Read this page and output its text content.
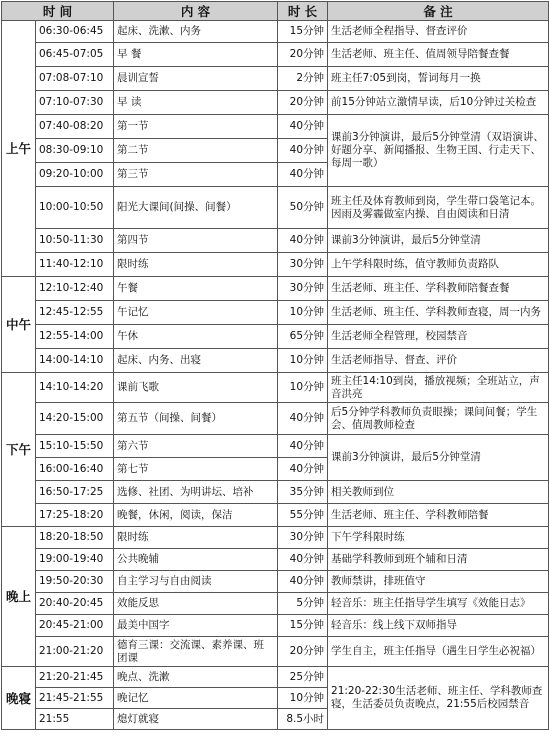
时 间		内 容	时 长	备 注
上午	06:30-06:45	起床、洗漱、内务	15分钟	生活老师全程指导、督查评价
	06:45-07:05	早 餐	20分钟	生活老师、班主任、值周领导陪餐查餐
	07:08-07:10	晨训宣誓	2分钟	班主任7:05到岗，誓词每月一换
	07:10-07:30	早 读	20分钟	前15分钟站立激情早读，后10分钟过关检查
	07:40-08:20	第一节	40分钟	课前3分钟演讲，最后5分钟堂清（双语演讲、好题分享、新闻播报、生物王国、行走天下、每周一歌）
	08:30-09:10	第二节	40分钟	
	09:20-10:00	第三节	40分钟	
	10:00-10:50	阳光大课间(间操、间餐）	50分钟	班主任及体育教师到岗，学生带口袋笔记本。因雨及雾霾做室内操、自由阅读和日清
	10:50-11:30	第四节	40分钟	课前3分钟演讲，最后5分钟堂清
	11:40-12:10	限时练	30分钟	上午学科限时练，值守教师负责路队
中午	12:10-12:40	午餐	30分钟	生活老师、班主任、学科教师陪餐查餐
	12:45-12:55	午记忆	10分钟	生活老师、班主任、学科教师查寝，周一内务
	12:55-14:00	午休	65分钟	生活老师全程管理，校园禁音
	14:00-14:10	起床、内务、出寝	10分钟	生活老师指导、督查、评价
下午	14:10-14:20	课前飞歌	10分钟	班主任14:10到岗，播放视频；全班站立，声音洪亮
	14:20-15:00	第五节（间操、间餐）	40分钟	后5分钟学科教师负责眼操；课间间餐；学生会、值周教师检查
	15:10-15:50	第六节	40分钟	课前3分钟演讲，最后5分钟堂清
	16:00-16:40	第七节	40分钟	
	16:50-17:25	选修、社团、为明讲坛、培补	35分钟	相关教师到位
	17:25-18:20	晚餐，休闲，阅读，保洁	55分钟	生活老师、班主任、学科教师陪餐
晚上	18:20-18:50	限时练	30分钟	下午学科限时练
	19:00-19:40	公共晚辅	40分钟	基础学科教师到班个辅和日清
	19:50-20:30	自主学习与自由阅读	40分钟	教师禁讲，排班值守
	20:40-20:45	效能反思	5分钟	轻音乐：班主任指导学生填写《效能日志》
	20:45-21:00	最美中国字	15分钟	轻音乐：线上线下双师指导
	21:00-21:20	德育三课：交流课、素养课、班团课	20分钟	学生自主，班主任指导（遇生日学生必祝福）
晚寝	21:20-21:45	晚点、洗漱	25分钟	21:20-22:30生活老师、班主任、学科教师查寝，生活委员负责晚点，21:55后校园禁音
	21:45-21:55	晚记忆	10分钟	
	21:55	熄灯就寝	8.5小时	
